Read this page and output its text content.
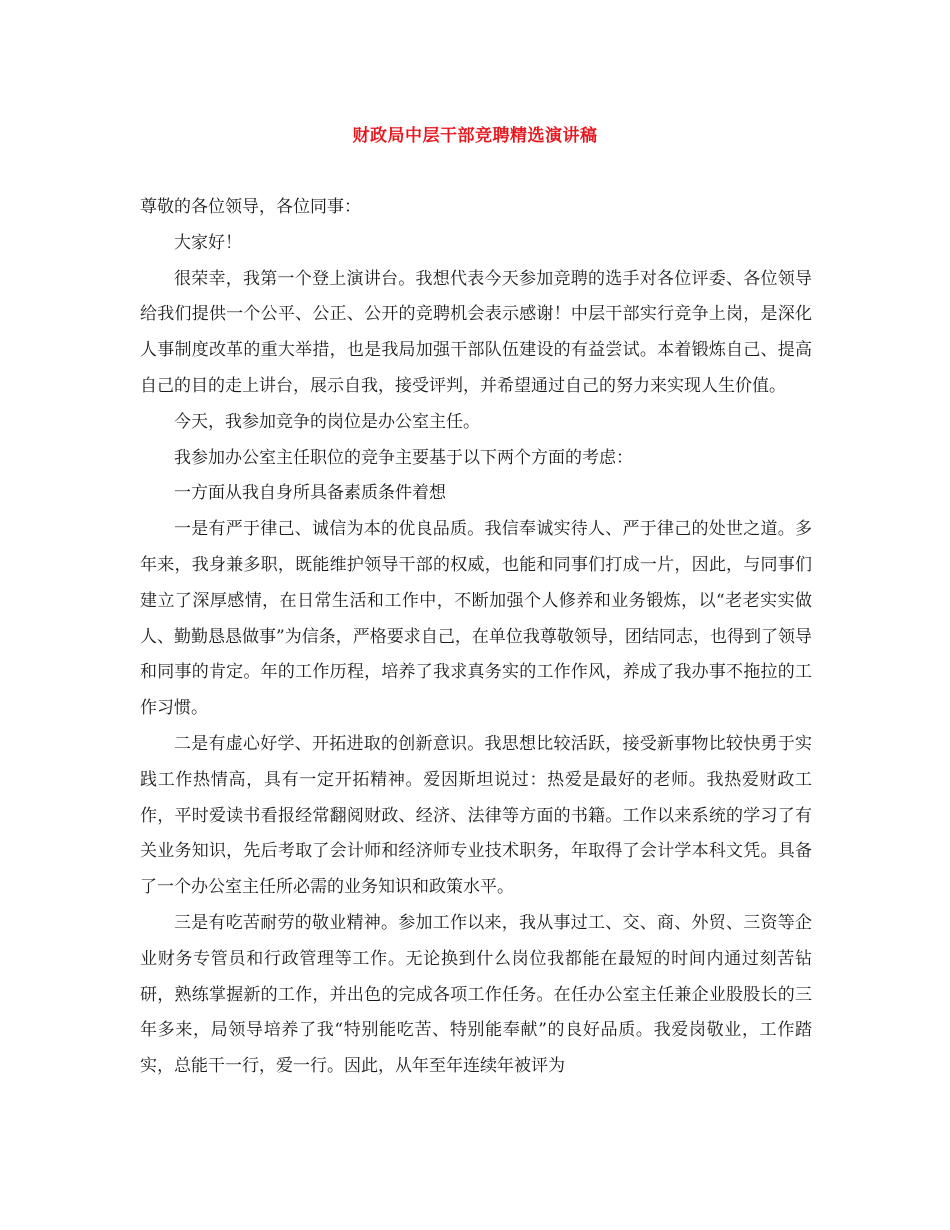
财政局中层干部竞聘精选演讲稿

尊敬的各位领导，各位同事：

大家好！

很荣幸，我第一个登上演讲台。我想代表今天参加竞聘的选手对各位评委、各位领导给我们提供一个公平、公正、公开的竞聘机会表示感谢！中层干部实行竞争上岗，是深化人事制度改革的重大举措，也是我局加强干部队伍建设的有益尝试。本着锻炼自己、提高自己的目的走上讲台，展示自我，接受评判，并希望通过自己的努力来实现人生价值。

今天，我参加竞争的岗位是办公室主任。

我参加办公室主任职位的竞争主要基于以下两个方面的考虑：

一方面从我自身所具备素质条件着想

一是有严于律己、诚信为本的优良品质。我信奉诚实待人、严于律己的处世之道。多年来，我身兼多职，既能维护领导干部的权威，也能和同事们打成一片，因此，与同事们建立了深厚感情，在日常生活和工作中，不断加强个人修养和业务锻炼，以“老老实实做人、勤勤恳恳做事”为信条，严格要求自己，在单位我尊敬领导，团结同志，也得到了领导和同事的肯定。年的工作历程，培养了我求真务实的工作作风，养成了我办事不拖拉的工作习惯。

二是有虚心好学、开拓进取的创新意识。我思想比较活跃，接受新事物比较快勇于实践工作热情高，具有一定开拓精神。爱因斯坦说过：热爱是最好的老师。我热爱财政工作，平时爱读书看报经常翻阅财政、经济、法律等方面的书籍。工作以来系统的学习了有关业务知识，先后考取了会计师和经济师专业技术职务，年取得了会计学本科文凭。具备了一个办公室主任所必需的业务知识和政策水平。

三是有吃苦耐劳的敬业精神。参加工作以来，我从事过工、交、商、外贸、三资等企业财务专管员和行政管理等工作。无论换到什么岗位我都能在最短的时间内通过刻苦钻研，熟练掌握新的工作，并出色的完成各项工作任务。在任办公室主任兼企业股股长的三年多来，局领导培养了我“特别能吃苦、特别能奉献”的良好品质。我爱岗敬业，工作踏实，总能干一行，爱一行。因此，从年至年连续年被评为
